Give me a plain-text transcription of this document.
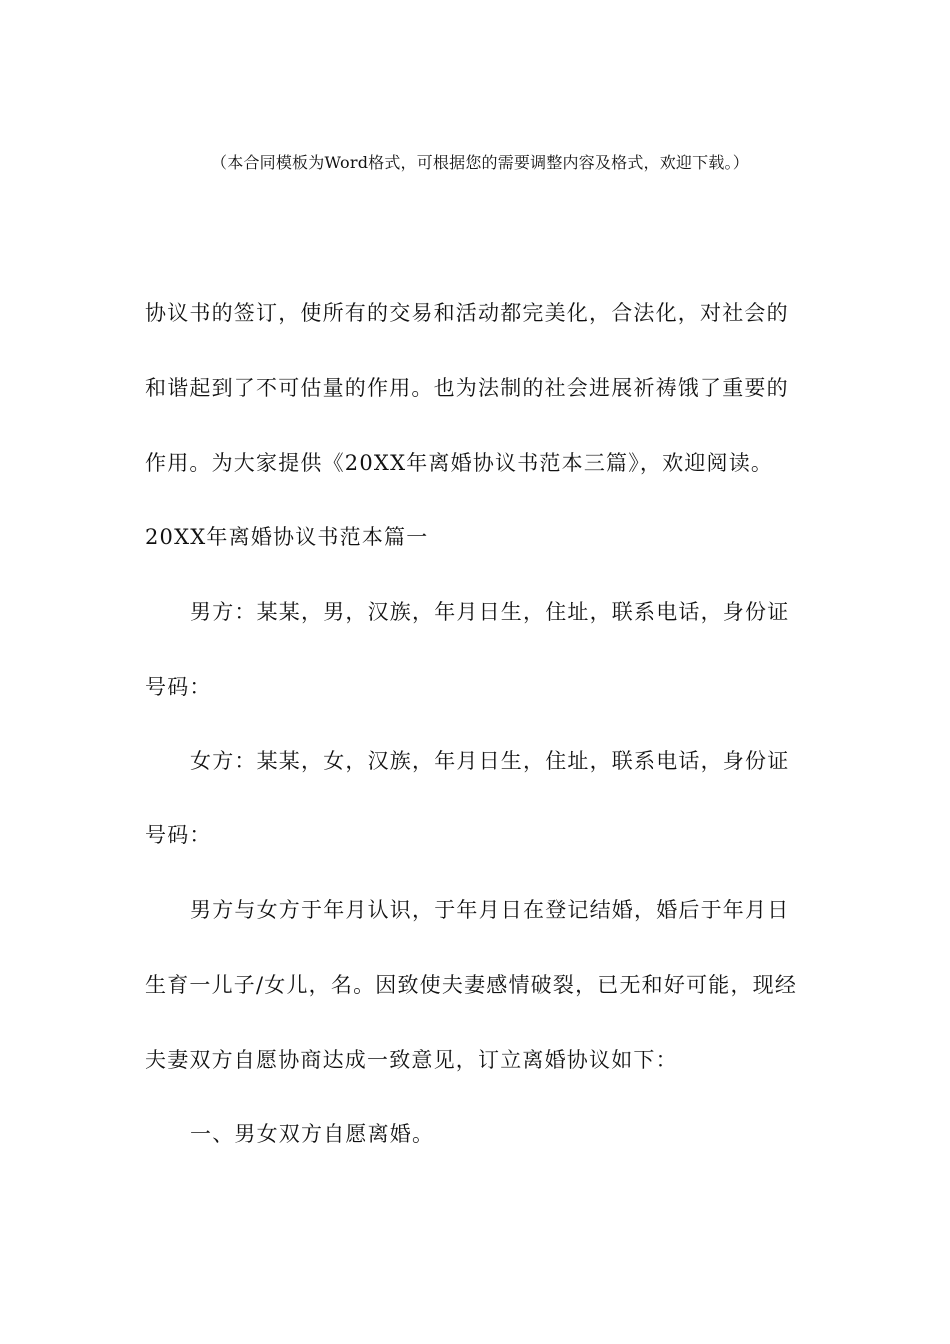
（本合同模板为Word格式，可根据您的需要调整内容及格式，欢迎下载。）
协议书的签订，使所有的交易和活动都完美化，合法化，对社会的
和谐起到了不可估量的作用。也为法制的社会进展祈祷饿了重要的
作用。为大家提供《20XX年离婚协议书范本三篇》，欢迎阅读。
20XX年离婚协议书范本篇一
男方：某某，男，汉族，年月日生，住址，联系电话，身份证
号码：
女方：某某，女，汉族，年月日生，住址，联系电话，身份证
号码：
男方与女方于年月认识，于年月日在登记结婚，婚后于年月日
生育一儿子/女儿，名。因致使夫妻感情破裂，已无和好可能，现经
夫妻双方自愿协商达成一致意见，订立离婚协议如下：
一、男女双方自愿离婚。
